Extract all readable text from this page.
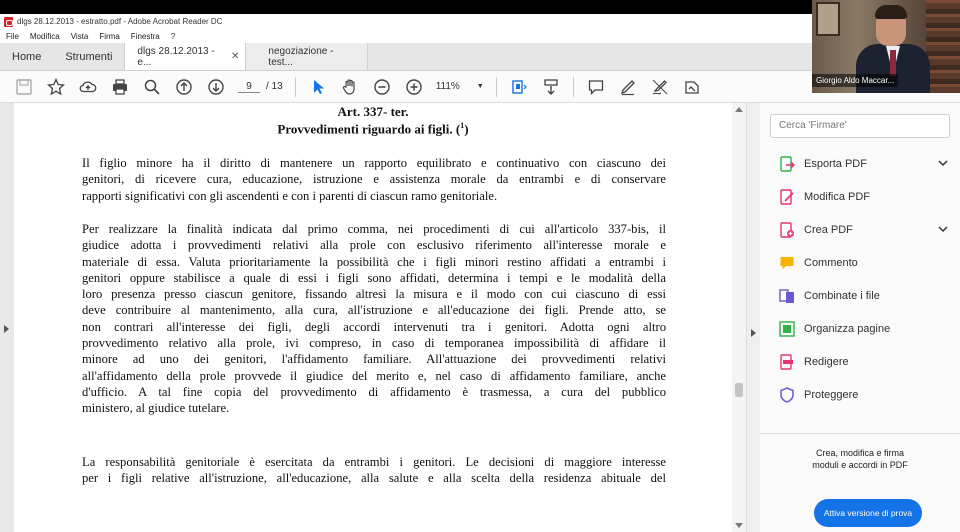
dlgs 28.12.2013 - estratto.pdf - Adobe Acrobat Reader DC
File Modifica Vista Firma Finestra ?
Home	Strumenti	dlgs 28.12.2013 - e...	✕	negoziazione - test...
9	/ 13	111% ▼
Art. 337- ter.
Provvedimenti riguardo ai figli. ($^1$)
Il figlio minore ha il diritto di mantenere un rapporto equilibrato e continuativo con ciascuno dei
genitori, di ricevere cura, educazione, istruzione e assistenza morale da entrambi e di conservare
rapporti significativi con gli ascendenti e con i parenti di ciascun ramo genitoriale.
Per realizzare la finalità indicata dal primo comma, nei procedimenti di cui all'articolo 337-bis, il
giudice adotta i provvedimenti relativi alla prole con esclusivo riferimento all'interesse morale e
materiale di essa. Valuta prioritariamente la possibilità che i figli minori restino affidati a entrambi i
genitori oppure stabilisce a quale di essi i figli sono affidati, determina i tempi e le modalità della
loro presenza presso ciascun genitore, fissando altresì la misura e il modo con cui ciascuno di essi
deve contribuire al mantenimento, alla cura, all'istruzione e all'educazione dei figli. Prende atto, se
non contrari all'interesse dei figli, degli accordi intervenuti tra i genitori. Adotta ogni altro
provvedimento relativo alla prole, ivi compreso, in caso di temporanea impossibilità di affidare il
minore ad uno dei genitori, l'affidamento familiare. All'attuazione dei provvedimenti relativi
all'affidamento della prole provvede il giudice del merito e, nel caso di affidamento familiare, anche
d'ufficio. A tal fine copia del provvedimento di affidamento è trasmessa, a cura del pubblico
ministero, al giudice tutelare.
La responsabilità genitoriale è esercitata da entrambi i genitori. Le decisioni di maggiore interesse
per i figli relative all'istruzione, all'educazione, alla salute e alla scelta della residenza abituale del
Cerca 'Firmare'
Esporta PDF
Modifica PDF
Crea PDF
Commento
Combinate i file
Organizza pagine
Redigere
Proteggere
Crea, modifica e firma
moduli e accordi in PDF
Attiva versione di prova
Giorgio Aldo Maccar...
